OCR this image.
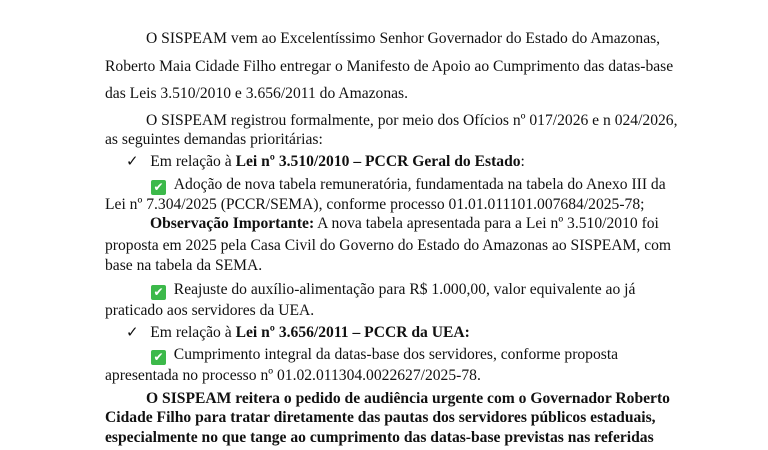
O SISPEAM vem ao Excelentíssimo Senhor Governador do Estado do Amazonas,
Roberto Maia Cidade Filho entregar o Manifesto de Apoio ao Cumprimento das datas-base
das Leis 3.510/2010 e 3.656/2011 do Amazonas.
O SISPEAM registrou formalmente, por meio dos Ofícios nº 017/2026 e n 024/2026,
as seguintes demandas prioritárias:
✓ Em relação à Lei nº 3.510/2010 – PCCR Geral do Estado:
✔ Adoção de nova tabela remuneratória, fundamentada na tabela do Anexo III da
Lei nº 7.304/2025 (PCCR/SEMA), conforme processo 01.01.011101.007684/2025-78;
Observação Importante: A nova tabela apresentada para a Lei nº 3.510/2010 foi
proposta em 2025 pela Casa Civil do Governo do Estado do Amazonas ao SISPEAM, com
base na tabela da SEMA.
✔ Reajuste do auxílio-alimentação para R$ 1.000,00, valor equivalente ao já
praticado aos servidores da UEA.
✓ Em relação à Lei nº 3.656/2011 – PCCR da UEA:
✔ Cumprimento integral da datas-base dos servidores, conforme proposta
apresentada no processo nº 01.02.011304.0022627/2025-78.
O SISPEAM reitera o pedido de audiência urgente com o Governador Roberto
Cidade Filho para tratar diretamente das pautas dos servidores públicos estaduais,
especialmente no que tange ao cumprimento das datas-base previstas nas referidas
